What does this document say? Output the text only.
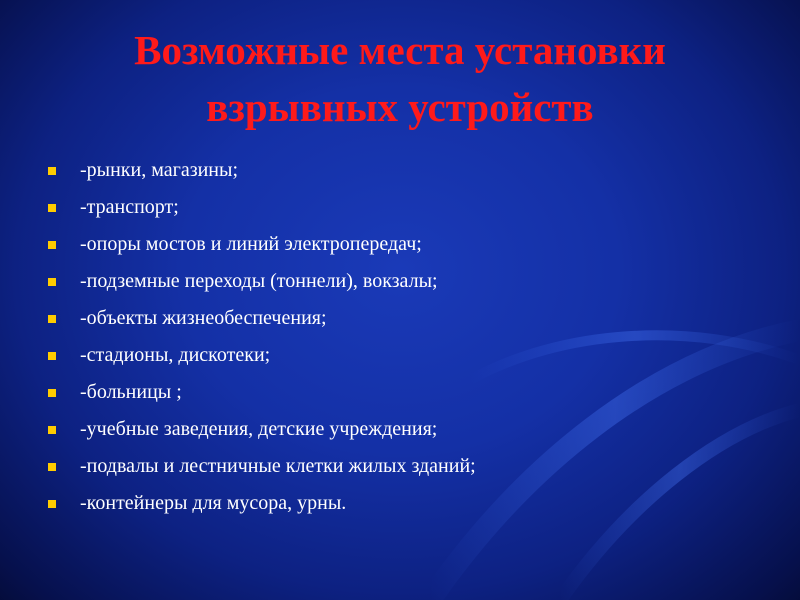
Возможные места установки
взрывных устройств
-рынки, магазины;
-транспорт;
-опоры мостов и линий электропередач;
-подземные переходы (тоннели), вокзалы;
-объекты жизнеобеспечения;
-стадионы, дискотеки;
-больницы ;
-учебные заведения, детские учреждения;
-подвалы и лестничные клетки жилых зданий;
-контейнеры для мусора, урны.
